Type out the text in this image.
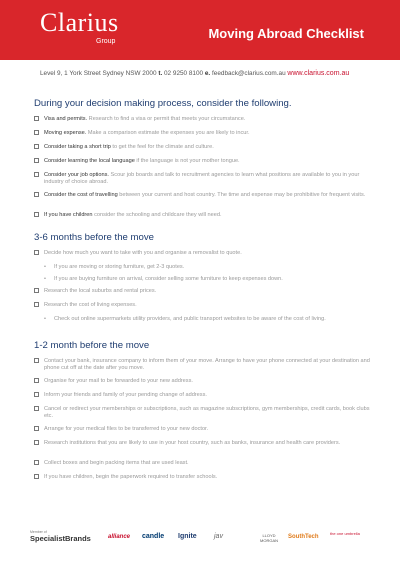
Clarius
Group
Moving Abroad Checklist
Level 9, 1 York Street Sydney NSW 2000 t. 02 9250 8100 e. feedback@clarius.com.au www.clarius.com.au
During your decision making process, consider the following.
Visa and permits. Research to find a visa or permit that meets your circumstance.
Moving expense. Make a comparison estimate the expenses you are likely to incur.
Consider taking a short trip to get the feel for the climate and culture.
Consider learning the local language if the language is not your mother tongue.
Consider your job options. Scour job boards and talk to recruitment agencies to learn what positions are available to you in your industry of choice abroad.
Consider the cost of travelling between your current and host country. The time and expense may be prohibitive for frequent visits.
If you have children consider the schooling and childcare they will need.
3-6 months before the move
Decide how much you want to take with you and organise a removalist to quote.
•	If you are moving or storing furniture, get 2-3 quotes.
•	If you are buying furniture on arrival, consider selling some furniture to keep expenses down.
Research the local suburbs and rental prices.
Research the cost of living expenses.
•	Check out online supermarkets utility providers, and public transport websites to be aware of the cost of living.
1-2 month before the move
Contact your bank, insurance company to inform them of your move. Arrange to have your phone connected at your destination and phone cut off at the date after you move.
Organise for your mail to be forwarded to your new address.
Inform your friends and family of your pending change of address.
Cancel or redirect your memberships or subscriptions, such as magazine subscriptions, gym memberships, credit cards, book clubs etc.
Arrange for your medical files to be transferred to your new doctor.
Research institutions that you are likely to use in your host country, such as banks, insurance and health care providers.
Collect boxes and begin packing items that are used least.
If you have children, begin the paperwork required to transfer schools.
Member of
SpecialistBrands	alliance candle Ignite jav	LLOYD MORGAN
SouthTech
the one umbrella
